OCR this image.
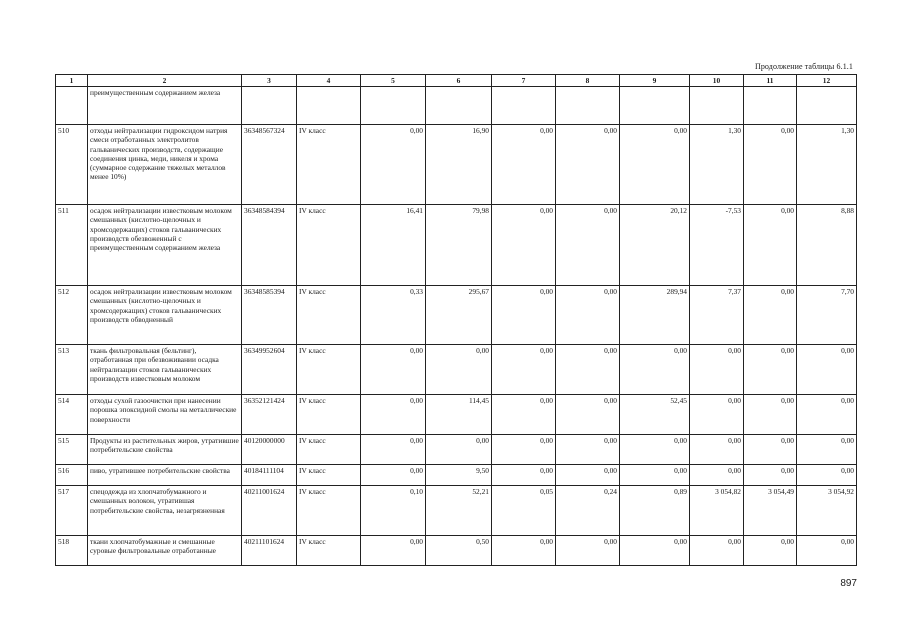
Продолжение таблицы 6.1.1
1	2	3	4	5	6	7	8	9	10	11	12
	преимущественным содержанием железа										
510	отходы нейтрализации гидроксидом натрия смеси отработанных электролитов гальванических производств, содержащие соединения цинка, меди, никеля и хрома (суммарное содержание тяжелых металлов менее 10%)	36348567324	IV класс	0,00	16,90	0,00	0,00	0,00	1,30	0,00	1,30
511	осадок нейтрализации известковым молоком смешанных (кислотно-щелочных и хромсодержащих) стоков гальванических производств обезвоженный с преимущественным содержанием железа	36348584394	IV класс	16,41	79,98	0,00	0,00	20,12	-7,53	0,00	8,88
512	осадок нейтрализации известковым молоком смешанных (кислотно-щелочных и хромсодержащих) стоков гальванических производств обводненный	36348585394	IV класс	0,33	295,67	0,00	0,00	289,94	7,37	0,00	7,70
513	ткань фильтровальная (бельтинг), отработанная при обезвоживании осадка нейтрализации стоков гальванических производств известковым молоком	36349952604	IV класс	0,00	0,00	0,00	0,00	0,00	0,00	0,00	0,00
514	отходы сухой газоочистки при нанесении порошка эпоксидной смолы на металлические поверхности	36352121424	IV класс	0,00	114,45	0,00	0,00	52,45	0,00	0,00	0,00
515	Продукты из растительных жиров, утратившие потребительские свойства	40120000000	IV класс	0,00	0,00	0,00	0,00	0,00	0,00	0,00	0,00
516	пиво, утратившее потребительские свойства	40184111104	IV класс	0,00	9,50	0,00	0,00	0,00	0,00	0,00	0,00
517	спецодежда из хлопчатобумажного и смешанных волокон, утратившая потребительские свойства, незагрязненная	40211001624	IV класс	0,10	52,21	0,05	0,24	0,89	3 054,82	3 054,49	3 054,92
518	ткани хлопчатобумажные и смешанные суровые фильтровальные отработанные	40211101624	IV класс	0,00	0,50	0,00	0,00	0,00	0,00	0,00	0,00
897
